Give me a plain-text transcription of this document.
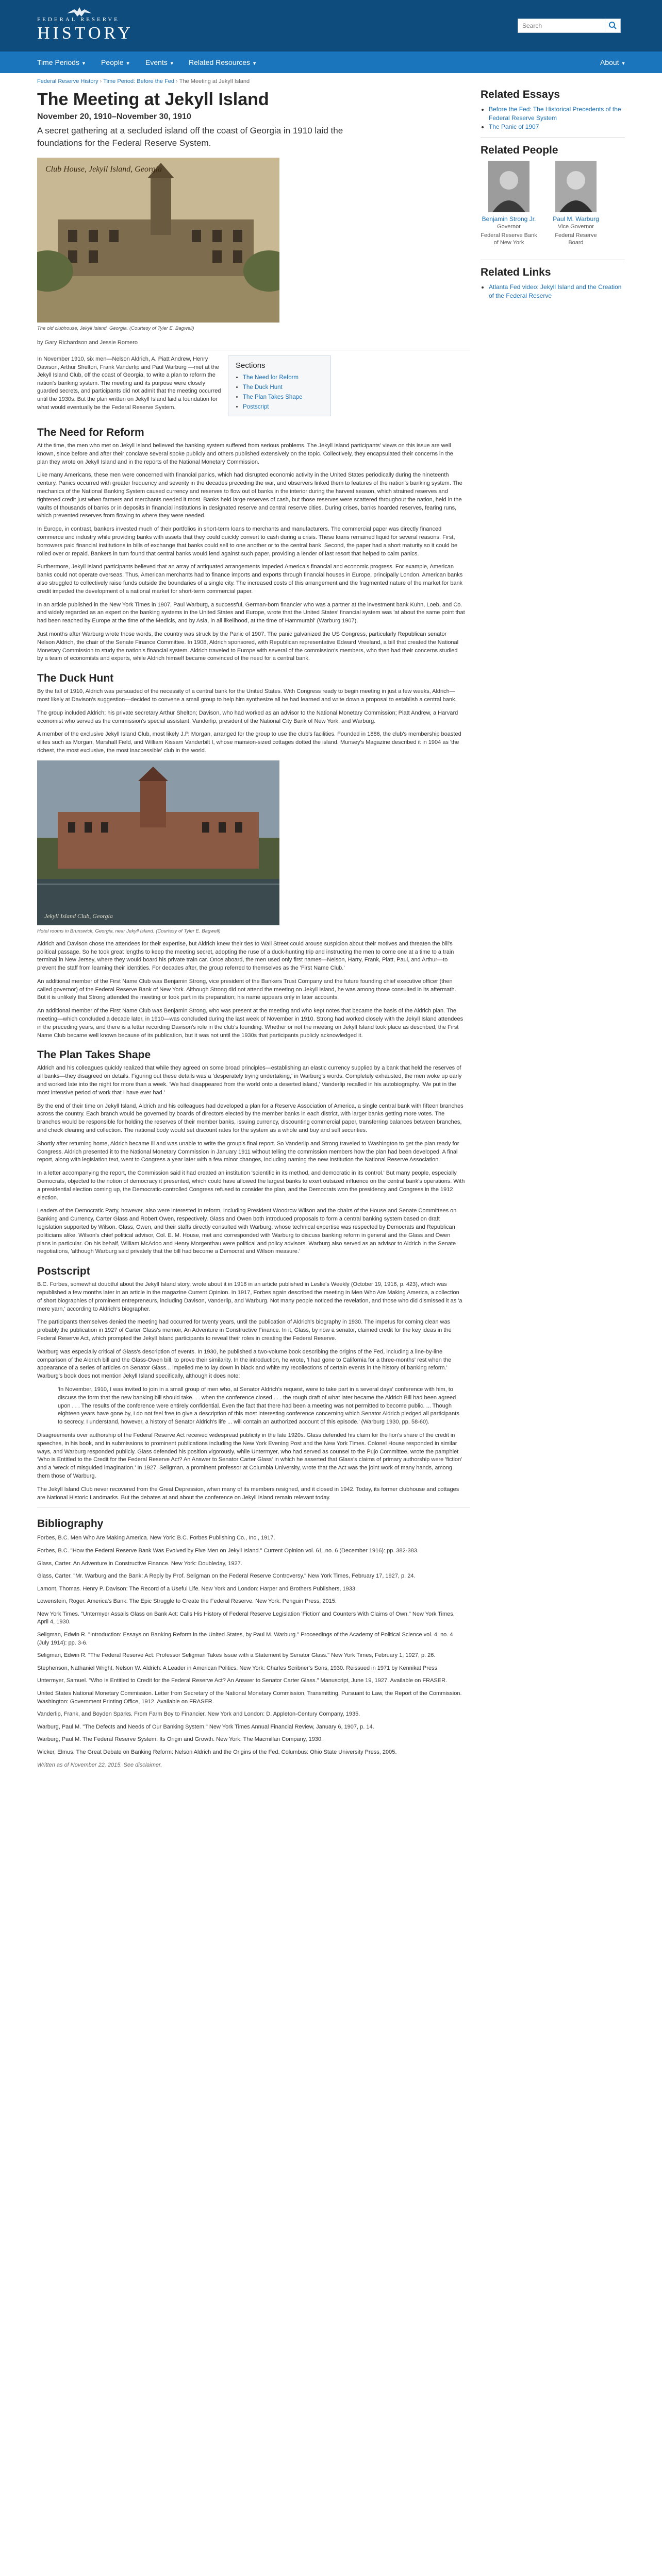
FEDERAL RESERVE
HISTORY
Search
Time Periods ▼ People ▼ Events ▼ Related Resources ▼	About ▼
Federal Reserve History › Time Period: Before the Fed › The Meeting at Jekyll Island
The Meeting at Jekyll Island
November 20, 1910–November 30, 1910
A secret gathering at a secluded island off the coast of Georgia in 1910 laid the foundations for the Federal Reserve System.
Club House, Jekyll Island, Georgia
The old clubhouse, Jekyll Island, Georgia. (Courtesy of Tyler E. Bagwell)
by Gary Richardson and Jessie Romero
In November 1910, six men—Nelson Aldrich, A. Piatt Andrew, Henry Davison, Arthur Shelton, Frank Vanderlip and Paul Warburg —met at the Jekyll Island Club, off the coast of Georgia, to write a plan to reform the nation's banking system. The meeting and its purpose were closely guarded secrets, and participants did not admit that the meeting occurred until the 1930s. But the plan written on Jekyll Island laid a foundation for what would eventually be the Federal Reserve System.
Sections
• The Need for Reform
• The Duck Hunt
• The Plan Takes Shape
• Postscript
The Need for Reform

At the time, the men who met on Jekyll Island believed the banking system suffered from serious problems. The Jekyll Island participants' views on this issue are well known, since before and after their conclave several spoke publicly and others published extensively on the topic. Collectively, they encapsulated their concerns in the plan they wrote on Jekyll Island and in the reports of the National Monetary Commission.

Like many Americans, these men were concerned with financial panics, which had disrupted economic activity in the United States periodically during the nineteenth century. Panics occurred with greater frequency and severity in the decades preceding the war, and observers linked them to features of the nation's banking system. The mechanics of the National Banking System caused currency and reserves to flow out of banks in the interior during the harvest season, which strained reserves and tightened credit just when farmers and merchants needed it most. Banks held large reserves of cash, but those reserves were scattered throughout the nation, held in the vaults of thousands of banks or in deposits in financial institutions in designated reserve and central reserve cities. During crises, banks hoarded reserves, fearing runs, which prevented reserves from flowing to where they were needed.

In Europe, in contrast, bankers invested much of their portfolios in short-term loans to merchants and manufacturers. The commercial paper was directly financed commerce and industry while providing banks with assets that they could quickly convert to cash during a crisis. These loans remained liquid for several reasons. First, borrowers paid financial institutions in bills of exchange that banks could sell to one another or to the central bank. Second, the paper had a short maturity so it could be rolled over or repaid. Bankers in turn found that central banks would lend against such paper, providing a lender of last resort that helped to calm panics.

Furthermore, Jekyll Island participants believed that an array of antiquated arrangements impeded America's financial and economic progress. For example, American banks could not operate overseas. Thus, American merchants had to finance imports and exports through financial houses in Europe, principally London. American banks also struggled to collectively raise funds outside the boundaries of a single city. The increased costs of this arrangement and the fragmented nature of the market for bank credit impeded the development of a national market for short-term commercial paper.

In an article published in the New York Times in 1907, Paul Warburg, a successful, German-born financier who was a partner at the investment bank Kuhn, Loeb, and Co. and widely regarded as an expert on the banking systems in the United States and Europe, wrote that the United States' financial system was 'at about the same point that had been reached by Europe at the time of the Medicis, and by Asia, in all likelihood, at the time of Hammurabi' (Warburg 1907).

Just months after Warburg wrote those words, the country was struck by the Panic of 1907. The panic galvanized the US Congress, particularly Republican senator Nelson Aldrich, the chair of the Senate Finance Committee. In 1908, Aldrich sponsored, with Republican representative Edward Vreeland, a bill that created the National Monetary Commission to study the nation's financial system. Aldrich traveled to Europe with several of the commission's members, who then had their concerns studied by a team of economists and experts, while Aldrich himself became convinced of the need for a central bank.

The Duck Hunt

By the fall of 1910, Aldrich was persuaded of the necessity of a central bank for the United States. With Congress ready to begin meeting in just a few weeks, Aldrich—most likely at Davison's suggestion—decided to convene a small group to help him synthesize all he had learned and write down a proposal to establish a central bank.

The group included Aldrich; his private secretary Arthur Shelton; Davison, who had worked as an advisor to the National Monetary Commission; Piatt Andrew, a Harvard economist who served as the commission's special assistant; Vanderlip, president of the National City Bank of New York; and Warburg.

A member of the exclusive Jekyll Island Club, most likely J.P. Morgan, arranged for the group to use the club's facilities. Founded in 1886, the club's membership boasted elites such as Morgan, Marshall Field, and William Kissam Vanderbilt I, whose mansion-sized cottages dotted the island. Munsey's Magazine described it in 1904 as 'the richest, the most exclusive, the most inaccessible' club in the world.

Jekyll Island Club, Georgia
Hotel rooms in Brunswick, Georgia, near Jekyll Island. (Courtesy of Tyler E. Bagwell)

Aldrich and Davison chose the attendees for their expertise, but Aldrich knew their ties to Wall Street could arouse suspicion about their motives and threaten the bill's political passage. So he took great lengths to keep the meeting secret, adopting the ruse of a duck-hunting trip and instructing the men to come one at a time to a train terminal in New Jersey, where they would board his private train car. Once aboard, the men used only first names—Nelson, Harry, Frank, Piatt, Paul, and Arthur—to prevent the staff from learning their identities. For decades after, the group referred to themselves as the 'First Name Club.'

An additional member of the First Name Club was Benjamin Strong, vice president of the Bankers Trust Company and the future founding chief executive officer (then called governor) of the Federal Reserve Bank of New York. Although Strong did not attend the meeting on Jekyll Island, he was among those consulted in its aftermath. But it is unlikely that Strong attended the meeting or took part in its preparation; his name appears only in later accounts.

An additional member of the First Name Club was Benjamin Strong, who was present at the meeting and who kept notes that became the basis of the Aldrich plan. The meeting—which concluded a decade later, in 1910—was concluded during the last week of November in 1910. Strong had worked closely with the Jekyll Island attendees in the preceding years, and there is a letter recording Davison's role in the club's founding. Whether or not the meeting on Jekyll Island took place as described, the First Name Club became well known because of its publication, but it was not until the 1930s that participants publicly acknowledged it.

The Plan Takes Shape

Aldrich and his colleagues quickly realized that while they agreed on some broad principles—establishing an elastic currency supplied by a bank that held the reserves of all banks—they disagreed on details. Figuring out these details was a 'desperately trying undertaking,' in Warburg's words. Completely exhausted, the men woke up early and worked late into the night for more than a week. 'We had disappeared from the world onto a deserted island,' Vanderlip recalled in his autobiography. 'We put in the most intensive period of work that I have ever had.'

By the end of their time on Jekyll Island, Aldrich and his colleagues had developed a plan for a Reserve Association of America, a single central bank with fifteen branches across the country. Each branch would be governed by boards of directors elected by the member banks in each district, with larger banks getting more votes. The branches would be responsible for holding the reserves of their member banks, issuing currency, discounting commercial paper, transferring balances between branches, and check clearing and collection. The national body would set discount rates for the system as a whole and buy and sell securities.

Shortly after returning home, Aldrich became ill and was unable to write the group's final report. So Vanderlip and Strong traveled to Washington to get the plan ready for Congress. Aldrich presented it to the National Monetary Commission in January 1911 without telling the commission members how the plan had been developed. A final report, along with legislation text, went to Congress a year later with a few minor changes, including naming the new institution the National Reserve Association.

In a letter accompanying the report, the Commission said it had created an institution 'scientific in its method, and democratic in its control.' But many people, especially Democrats, objected to the notion of democracy it presented, which could have allowed the largest banks to exert outsized influence on the central bank's operations. With a presidential election coming up, the Democratic-controlled Congress refused to consider the plan, and the Democrats won the presidency and Congress in the 1912 election.

Leaders of the Democratic Party, however, also were interested in reform, including President Woodrow Wilson and the chairs of the House and Senate Committees on Banking and Currency, Carter Glass and Robert Owen, respectively. Glass and Owen both introduced proposals to form a central banking system based on draft legislation supported by Wilson. Glass, Owen, and their staffs directly consulted with Warburg, whose technical expertise was respected by Democrats and Republican politicians alike. Wilson's chief political advisor, Col. E. M. House, met and corresponded with Warburg to discuss banking reform in general and the Glass and Owen plans in particular. On his behalf, William McAdoo and Henry Morgenthau were political and policy advisors. Warburg also served as an advisor to Aldrich in the Senate negotiations, 'although Warburg said privately that the bill had become a Democrat and Wilson measure.'

Postscript

B.C. Forbes, somewhat doubtful about the Jekyll Island story, wrote about it in 1916 in an article published in Leslie's Weekly (October 19, 1916, p. 423), which was republished a few months later in an article in the magazine Current Opinion. In 1917, Forbes again described the meeting in Men Who Are Making America, a collection of short biographies of prominent entrepreneurs, including Davison, Vanderlip, and Warburg. Not many people noticed the revelation, and those who did dismissed it as 'a mere yarn,' according to Aldrich's biographer.

The participants themselves denied the meeting had occurred for twenty years, until the publication of Aldrich's biography in 1930. The impetus for coming clean was probably the publication in 1927 of Carter Glass's memoir, An Adventure in Constructive Finance. In it, Glass, by now a senator, claimed credit for the key ideas in the Federal Reserve Act, which prompted the Jekyll Island participants to reveal their roles in creating the Federal Reserve.

Warburg was especially critical of Glass's description of events. In 1930, he published a two-volume book describing the origins of the Fed, including a line-by-line comparison of the Aldrich bill and the Glass-Owen bill, to prove their similarity. In the introduction, he wrote, 'I had gone to California for a three-months' rest when the appearance of a series of articles on Senator Glass... impelled me to lay down in black and white my recollections of certain events in the history of banking reform.' Warburg's book does not mention Jekyll Island specifically, although it does note:

'In November, 1910, I was invited to join in a small group of men who, at Senator Aldrich's request, were to take part in a several days' conference with him, to discuss the form that the new banking bill should take. . . when the conference closed . . . the rough draft of what later became the Aldrich Bill had been agreed upon . . . The results of the conference were entirely confidential. Even the fact that there had been a meeting was not permitted to become public. ... Though eighteen years have gone by, I do not feel free to give a description of this most interesting conference concerning which Senator Aldrich pledged all participants to secrecy. I understand, however, a history of Senator Aldrich's life ... will contain an authorized account of this episode.' (Warburg 1930, pp. 58-60).

Disagreements over authorship of the Federal Reserve Act received widespread publicity in the late 1920s. Glass defended his claim for the lion's share of the credit in speeches, in his book, and in submissions to prominent publications including the New York Evening Post and the New York Times. Colonel House responded in similar ways, and Warburg responded publicly. Glass defended his position vigorously, while Untermyer, who had served as counsel to the Pujo Committee, wrote the pamphlet 'Who is Entitled to the Credit for the Federal Reserve Act? An Answer to Senator Carter Glass' in which he asserted that Glass's claims of primary authorship were 'fiction' and a 'wreck of misguided imagination.' In 1927, Seligman, a prominent professor at Columbia University, wrote that the Act was the joint work of many hands, among them those of Warburg.

The Jekyll Island Club never recovered from the Great Depression, when many of its members resigned, and it closed in 1942. Today, its former clubhouse and cottages are National Historic Landmarks. But the debates at and about the conference on Jekyll Island remain relevant today.

Bibliography

Forbes, B.C. Men Who Are Making America. New York: B.C. Forbes Publishing Co., Inc., 1917.

Forbes, B.C. "How the Federal Reserve Bank Was Evolved by Five Men on Jekyll Island." Current Opinion vol. 61, no. 6 (December 1916): pp. 382-383.

Glass, Carter. An Adventure in Constructive Finance. New York: Doubleday, 1927.

Glass, Carter. "Mr. Warburg and the Bank: A Reply by Prof. Seligman on the Federal Reserve Controversy." New York Times, February 17, 1927, p. 24.

Lamont, Thomas. Henry P. Davison: The Record of a Useful Life. New York and London: Harper and Brothers Publishers, 1933.

Lowenstein, Roger. America's Bank: The Epic Struggle to Create the Federal Reserve. New York: Penguin Press, 2015.

New York Times. "Untermyer Assails Glass on Bank Act: Calls His History of Federal Reserve Legislation 'Fiction' and Counters With Claims of Own." New York Times, April 4, 1930.

Seligman, Edwin R. "Introduction: Essays on Banking Reform in the United States, by Paul M. Warburg." Proceedings of the Academy of Political Science vol. 4, no. 4 (July 1914): pp. 3-6.

Seligman, Edwin R. "The Federal Reserve Act: Professor Seligman Takes Issue with a Statement by Senator Glass." New York Times, February 1, 1927, p. 26.

Stephenson, Nathaniel Wright. Nelson W. Aldrich: A Leader in American Politics. New York: Charles Scribner's Sons, 1930. Reissued in 1971 by Kennikat Press.

Untermyer, Samuel. "Who Is Entitled to Credit for the Federal Reserve Act? An Answer to Senator Carter Glass." Manuscript, June 19, 1927. Available on FRASER.

United States National Monetary Commission. Letter from Secretary of the National Monetary Commission, Transmitting, Pursuant to Law, the Report of the Commission. Washington: Government Printing Office, 1912. Available on FRASER.

Vanderlip, Frank, and Boyden Sparks. From Farm Boy to Financier. New York and London: D. Appleton-Century Company, 1935.

Warburg, Paul M. "The Defects and Needs of Our Banking System." New York Times Annual Financial Review, January 6, 1907, p. 14.

Warburg, Paul M. The Federal Reserve System: Its Origin and Growth. New York: The Macmillan Company, 1930.

Wicker, Elmus. The Great Debate on Banking Reform: Nelson Aldrich and the Origins of the Fed. Columbus: Ohio State University Press, 2005.

Written as of November 22, 2015. See disclaimer.

Related Essays
• Before the Fed: The Historical Precedents of the Federal Reserve System
• The Panic of 1907
Related People
Benjamin Strong Jr.
Governor
Federal Reserve Bank of New York
Paul M. Warburg
Vice Governor
Federal Reserve Board
Related Links
• Atlanta Fed video: Jekyll Island and the Creation of the Federal Reserve
